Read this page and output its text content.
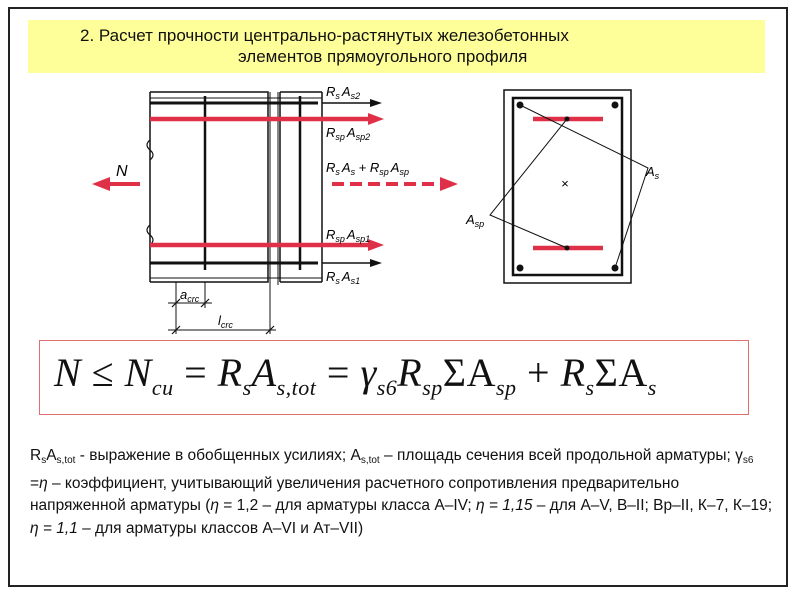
2. Расчет прочности центрально-растянутых железобетонных
элементов прямоугольного профиля
N
$R_s$ $A_{s2}$
$R_{sp}$ $A_{sp2}$
$R_s$ $A_s + R_{sp}$ $A_{sp}$
$R_{sp}$ $A_{sp1}$
$R_s$ $A_{s1}$
$a_{crc}$
$l_{crc}$
×
$A_s$
$A_{sp}$
$N \le N_{cu} = R_sA_{s,tot} = \gamma_{s6}R_{sp}\Sigma A_{sp} + R_s\Sigma A_s$
$R_sA_{s,tot}$ - выражение в обобщенных усилиях; $A_{s,tot}$ – площадь сечения всей продольной арматуры; $\gamma_{s6} =\eta$ – коэффициент, учитывающий увеличения расчетного сопротивления предварительно напряженной арматуры (η = 1,2 – для арматуры класса А–IV; η = 1,15 – для А–V, В–II; Вр–II, К–7, К–19; η = 1,1 – для арматуры классов А–VI и Ат–VII)
